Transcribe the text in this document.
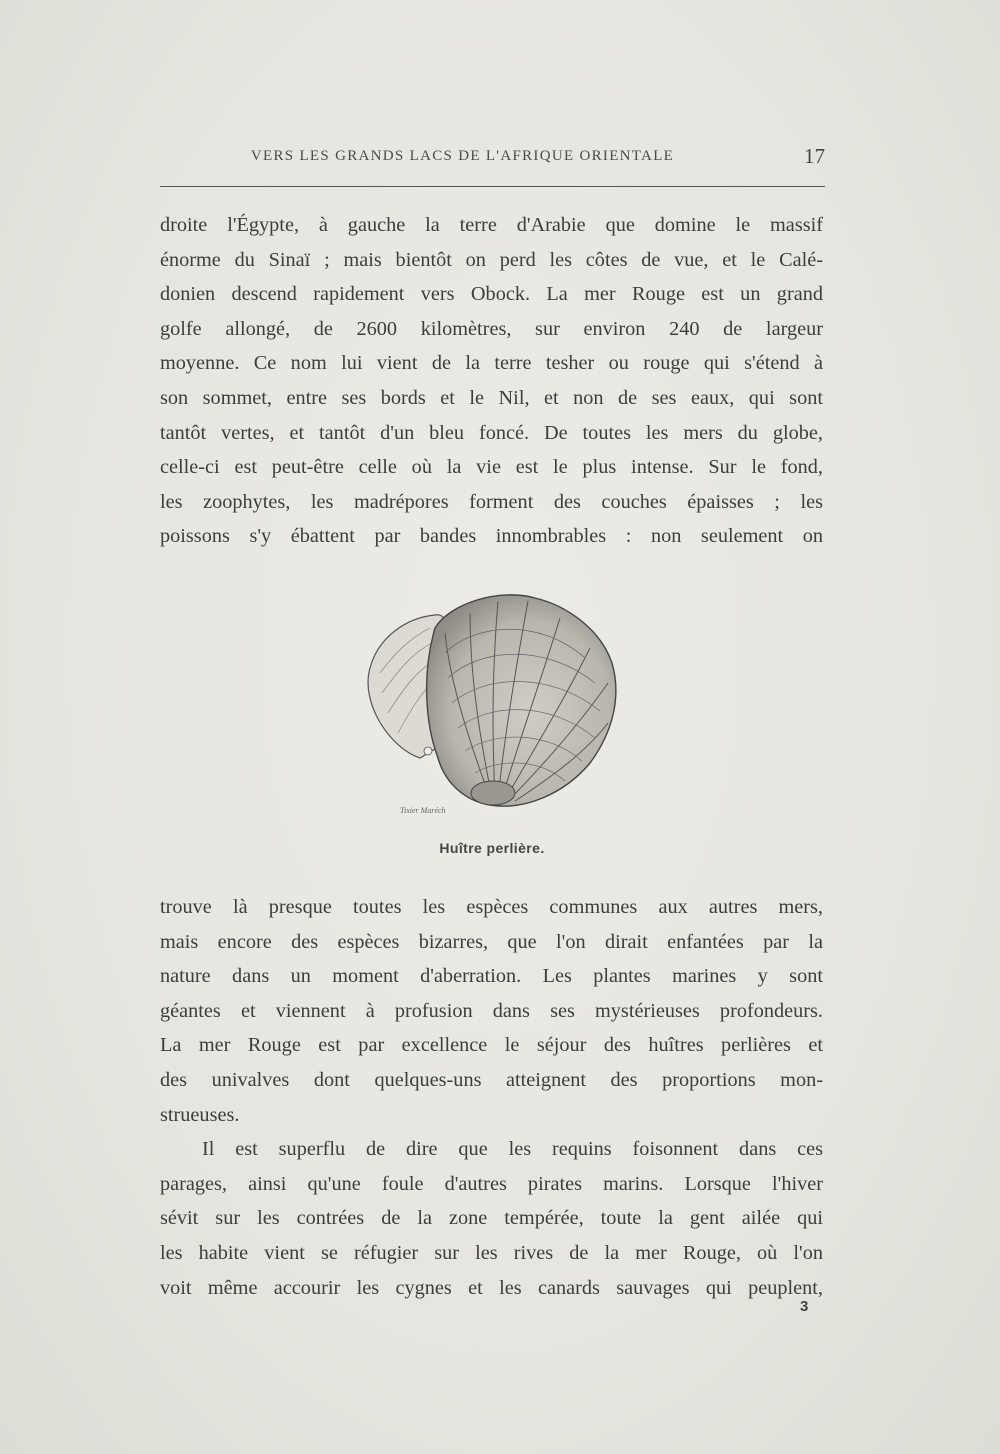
VERS LES GRANDS LACS DE L'AFRIQUE ORIENTALE	17

droite l'Égypte, à gauche la terre d'Arabie que domine le massif
énorme du Sinaï ; mais bientôt on perd les côtes de vue, et le Calé-
donien descend rapidement vers Obock. La mer Rouge est un grand
golfe allongé, de 2600 kilomètres, sur environ 240 de largeur
moyenne. Ce nom lui vient de la terre tesher ou rouge qui s'étend à
son sommet, entre ses bords et le Nil, et non de ses eaux, qui sont
tantôt vertes, et tantôt d'un bleu foncé. De toutes les mers du globe,
celle-ci est peut-être celle où la vie est le plus intense. Sur le fond,
les zoophytes, les madrépores forment des couches épaisses ; les
poissons s'y ébattent par bandes innombrables : non seulement on

Tixier Maréch
Huître perlière.

trouve là presque toutes les espèces communes aux autres mers,
mais encore des espèces bizarres, que l'on dirait enfantées par la
nature dans un moment d'aberration. Les plantes marines y sont
géantes et viennent à profusion dans ses mystérieuses profondeurs.
La mer Rouge est par excellence le séjour des huîtres perlières et
des univalves dont quelques-uns atteignent des proportions mon-
strueuses.

Il est superflu de dire que les requins foisonnent dans ces
parages, ainsi qu'une foule d'autres pirates marins. Lorsque l'hiver
sévit sur les contrées de la zone tempérée, toute la gent ailée qui
les habite vient se réfugier sur les rives de la mer Rouge, où l'on
voit même accourir les cygnes et les canards sauvages qui peuplent,

3
